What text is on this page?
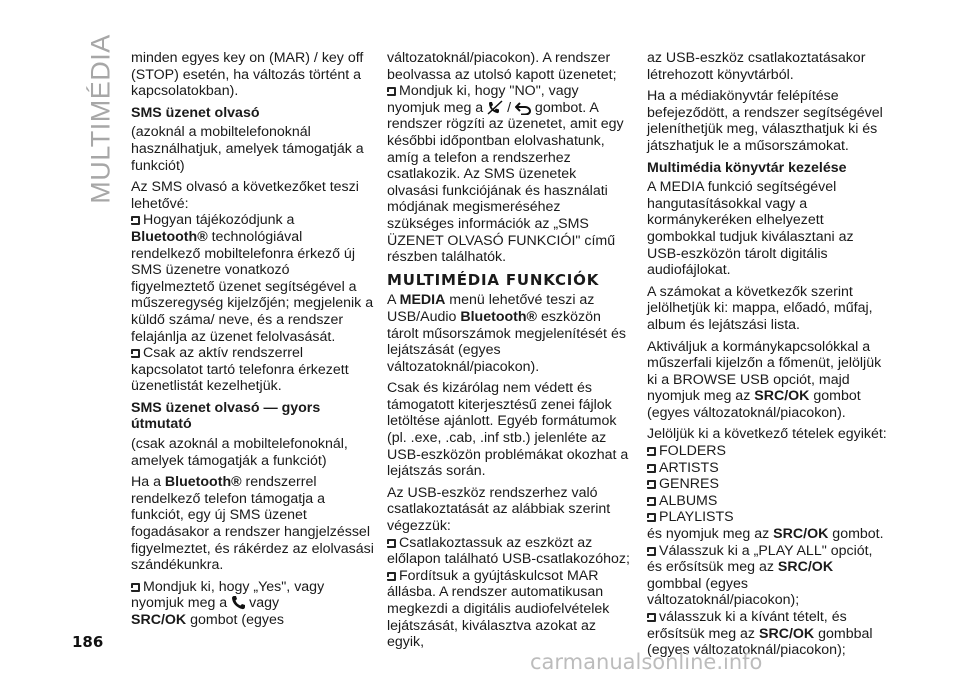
MULTIMÉDIA minden egyes key on (MAR) / key off (STOP) esetén, ha változás történt a kapcsolatokban).

SMS üzenet olvasó

(azoknál a mobiltelefonoknál használhatjuk, amelyek támogatják a funkciót)

Az SMS olvasó a következőket teszi lehetővé:

Hogyan tájékozódjunk a Bluetooth® technológiával rendelkező mobiltelefonra érkező új SMS üzenetre vonatkozó figyelmeztető üzenet segítségével a műszeregység kijelzőjén; megjelenik a küldő száma/ neve, és a rendszer felajánlja az üzenet felolvasását.

Csak az aktív rendszerrel kapcsolatot tartó telefonra érkezett üzenetlistát kezelhetjük.

SMS üzenet olvasó — gyors útmutató

(csak azoknál a mobiltelefonoknál, amelyek támogatják a funkciót)

Ha a Bluetooth® rendszerrel rendelkező telefon támogatja a funkciót, egy új SMS üzenet fogadásakor a rendszer hangjelzéssel figyelmeztet, és rákérdez az elolvasási szándékunkra.

Mondjuk ki, hogy „Yes", vagy nyomjuk meg a  vagy
SRC/OK gombot (egyes

változatoknál/piacokon). A rendszer beolvassa az utolsó kapott üzenetet;

Mondjuk ki, hogy "NO", vagy nyomjuk meg a  /  gombot. A rendszer rögzíti az üzenetet, amit egy későbbi időpontban elolvashatunk, amíg a telefon a rendszerhez csatlakozik. Az SMS üzenetek olvasási funkciójának és használati módjának megismeréséhez szükséges információk az „SMS ÜZENET OLVASÓ FUNKCIÓI" című részben találhatók.

MULTIMÉDIA FUNKCIÓK

A MEDIA menü lehetővé teszi az USB/Audio Bluetooth® eszközön tárolt műsorszámok megjelenítését és lejátszását (egyes változatoknál/piacokon).

Csak és kizárólag nem védett és támogatott kiterjesztésű zenei fájlok letöltése ajánlott. Egyéb formátumok (pl. .exe, .cab, .inf stb.) jelenléte az USB-eszközön problémákat okozhat a lejátszás során.

Az USB-eszköz rendszerhez való csatlakoztatását az alábbiak szerint végezzük:

Csatlakoztassuk az eszközt az előlapon található USB-csatlakozóhoz;

Fordítsuk a gyújtáskulcsot MAR állásba. A rendszer automatikusan megkezdi a digitális audiofelvételek lejátszását, kiválasztva azokat az egyik,

az USB-eszköz csatlakoztatásakor létrehozott könyvtárból.

Ha a médiakönyvtár felépítése befejeződött, a rendszer segítségével jeleníthetjük meg, választhatjuk ki és játszhatjuk le a műsorszámokat.

Multimédia könyvtár kezelése

A MEDIA funkció segítségével hangutasításokkal vagy a kormánykeréken elhelyezett gombokkal tudjuk kiválasztani az USB-eszközön tárolt digitális audiofájlokat.

A számokat a következők szerint jelölhetjük ki: mappa, előadó, műfaj, album és lejátszási lista.

Aktiváljuk a kormánykapcsolókkal a műszerfali kijelzőn a főmenüt, jelöljük ki a BROWSE USB opciót, majd nyomjuk meg az SRC/OK gombot (egyes változatoknál/piacokon).

Jelöljük ki a következő tételek egyikét:

FOLDERS
ARTISTS
GENRES
ALBUMS
PLAYLISTS

és nyomjuk meg az SRC/OK gombot.

Válasszuk ki a „PLAY ALL" opciót, és erősítsük meg az SRC/OK gombbal (egyes változatoknál/piacokon);

válasszuk ki a kívánt tételt, és erősítsük meg az SRC/OK gombbal (egyes változatoknál/piacokon);

186
carmanualsonline.info
